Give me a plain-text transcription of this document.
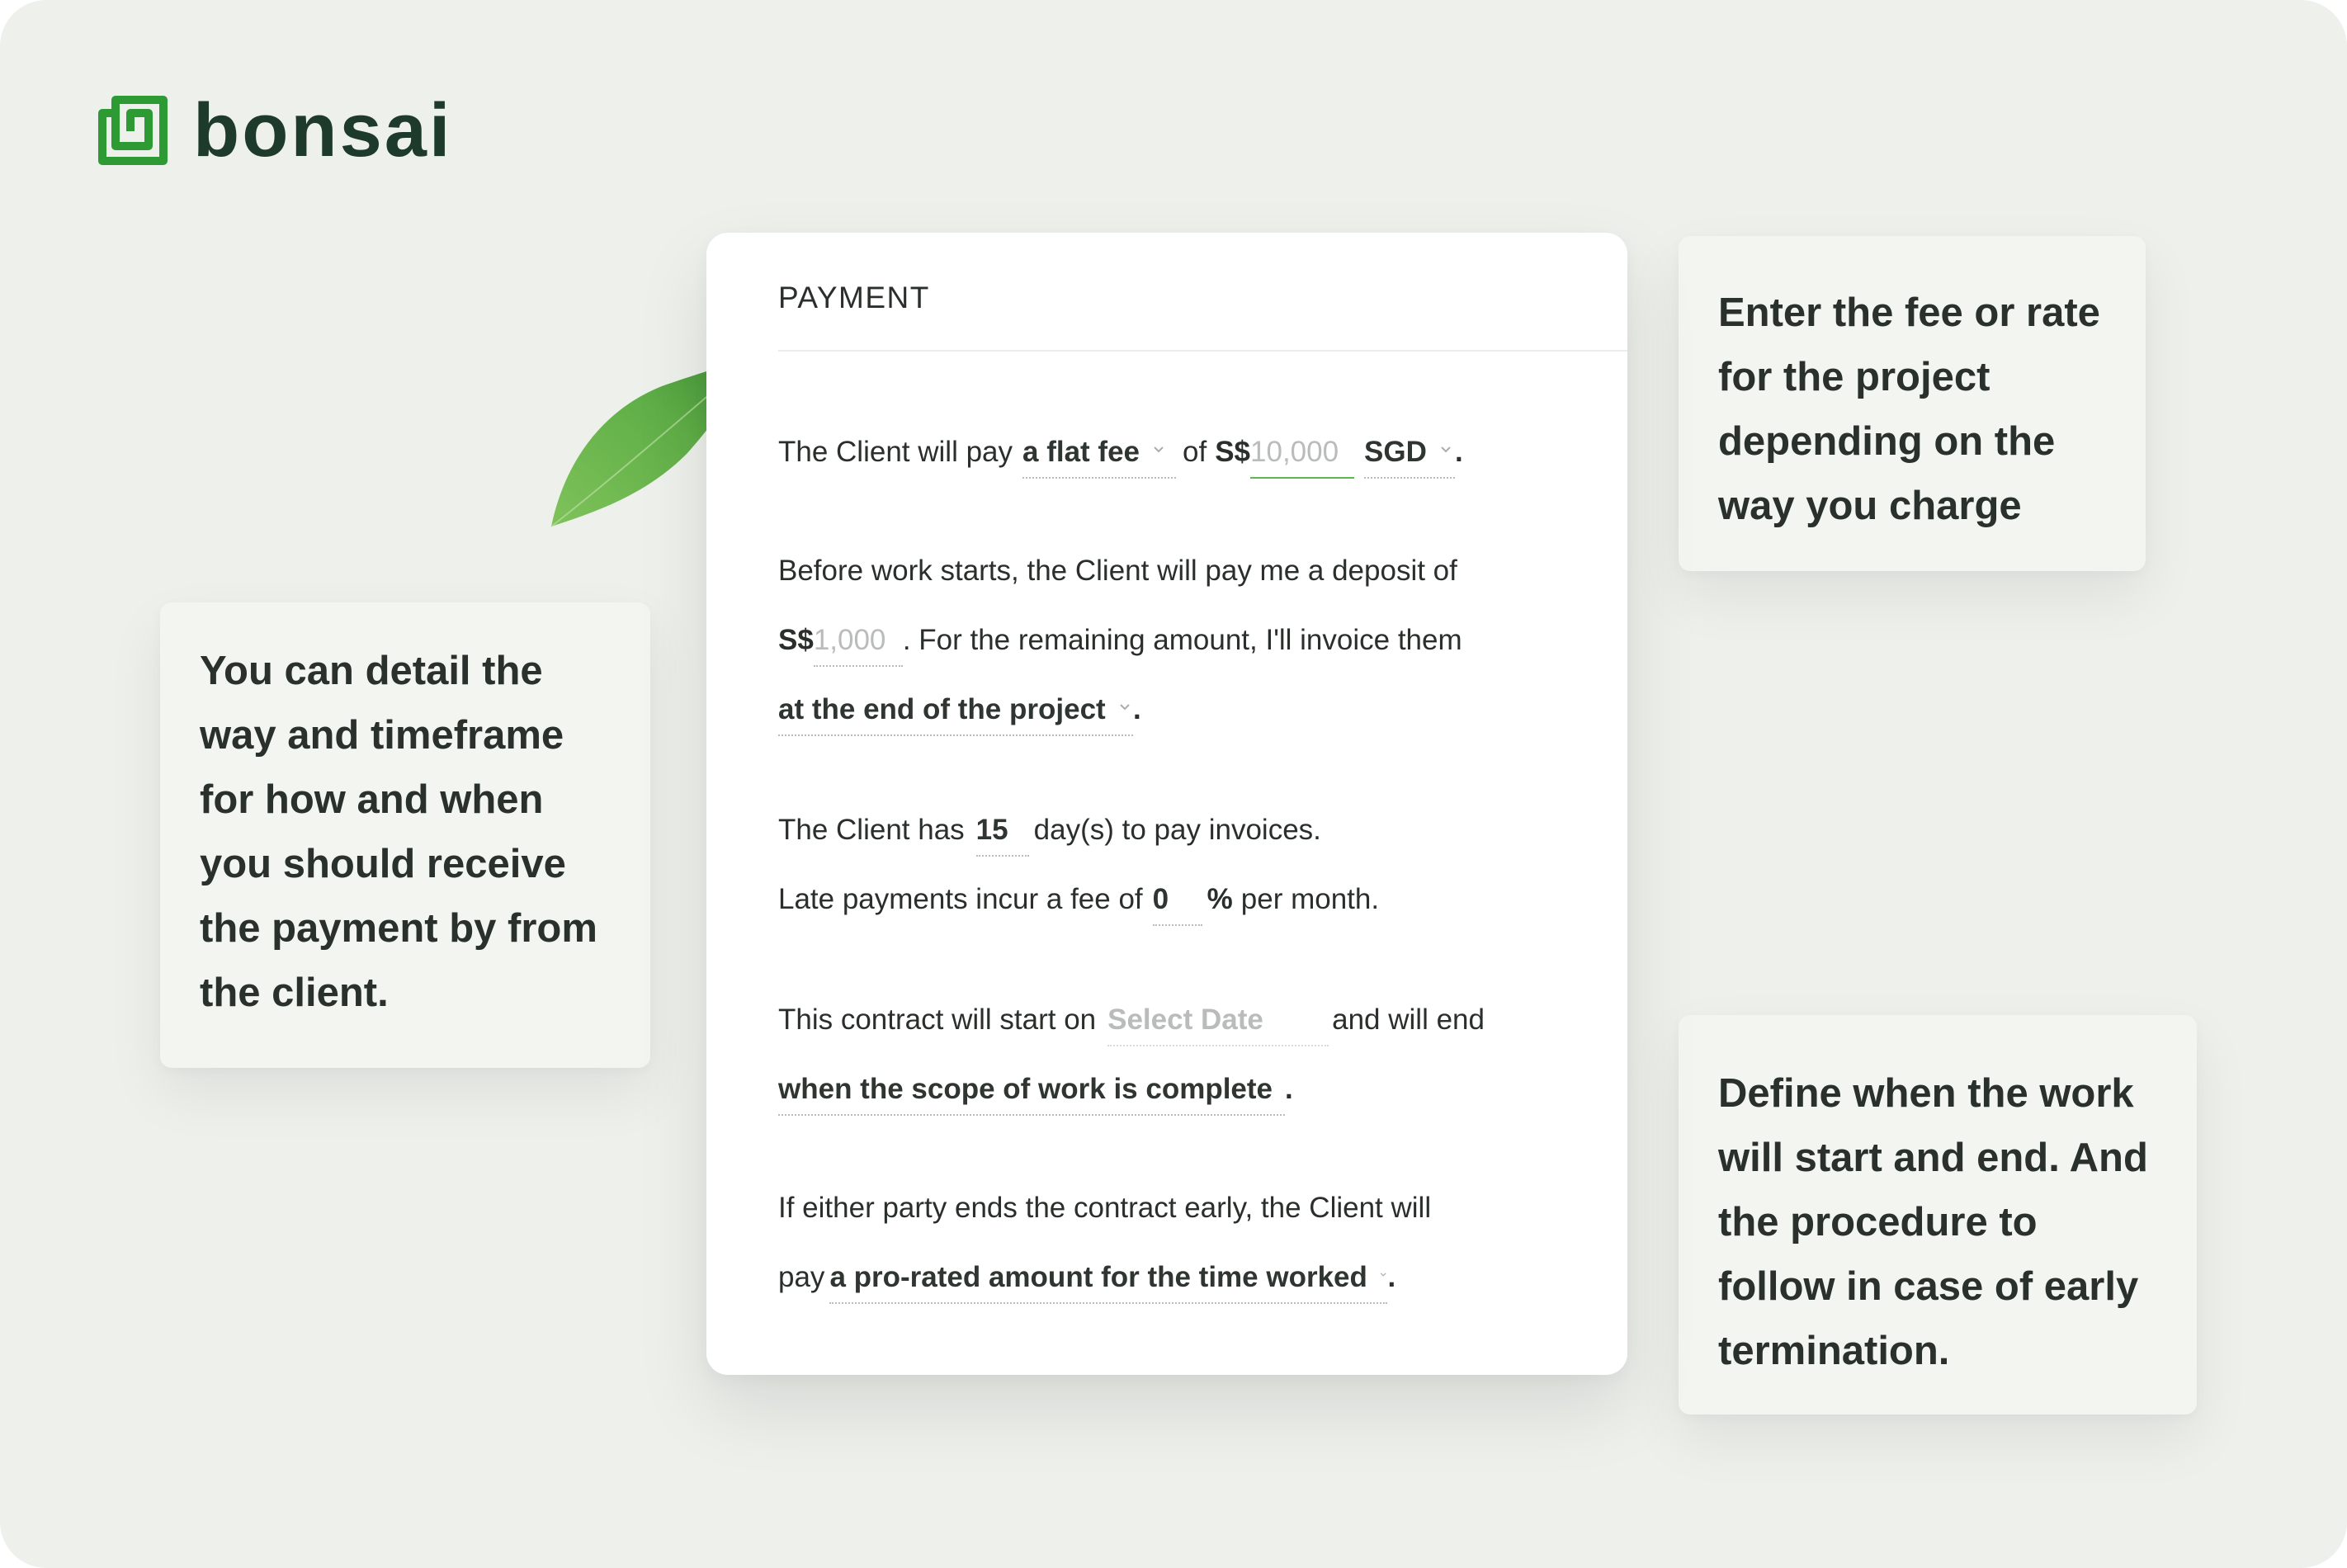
bonsai
You can detail the
way and timeframe
for how and when
you should receive
the payment by from
the client.
Enter the fee or rate
for the project
depending on the
way you charge
Define when the work
will start and end. And
the procedure to
follow in case of early
termination.
PAYMENT
The Client will pay a flat fee of S$ 10,000 SGD .
Before work starts, the Client will pay me a deposit of
S$ 1,000 . For the remaining amount, I'll invoice them
at the end of the project .
The Client has 15 day(s) to pay invoices.
Late payments incur a fee of 0 % per month.
This contract will start on Select Date and will end
when the scope of work is complete .
If either party ends the contract early, the Client will
pay a pro-rated amount for the time worked .
